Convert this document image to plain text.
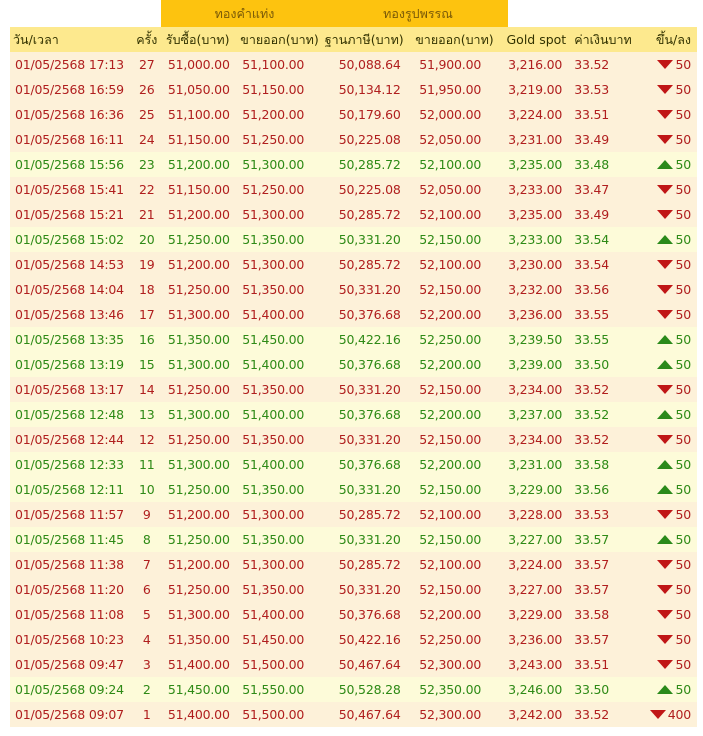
ทองคำแท่ง	ทองรูปพรรณ
วัน/เวลา	ครั้ง	รับซื้อ(บาท)	ขายออก(บาท)	ฐานภาษี(บาท)	ขายออก(บาท)	Gold spot	ค่าเงินบาท	ขึ้น/ลง
01/05/2568 17:13	27	51,000.00	51,100.00	50,088.64	51,900.00	3,216.00	33.52	50
01/05/2568 16:59	26	51,050.00	51,150.00	50,134.12	51,950.00	3,219.00	33.53	50
01/05/2568 16:36	25	51,100.00	51,200.00	50,179.60	52,000.00	3,224.00	33.51	50
01/05/2568 16:11	24	51,150.00	51,250.00	50,225.08	52,050.00	3,231.00	33.49	50
01/05/2568 15:56	23	51,200.00	51,300.00	50,285.72	52,100.00	3,235.00	33.48	50
01/05/2568 15:41	22	51,150.00	51,250.00	50,225.08	52,050.00	3,233.00	33.47	50
01/05/2568 15:21	21	51,200.00	51,300.00	50,285.72	52,100.00	3,235.00	33.49	50
01/05/2568 15:02	20	51,250.00	51,350.00	50,331.20	52,150.00	3,233.00	33.54	50
01/05/2568 14:53	19	51,200.00	51,300.00	50,285.72	52,100.00	3,230.00	33.54	50
01/05/2568 14:04	18	51,250.00	51,350.00	50,331.20	52,150.00	3,232.00	33.56	50
01/05/2568 13:46	17	51,300.00	51,400.00	50,376.68	52,200.00	3,236.00	33.55	50
01/05/2568 13:35	16	51,350.00	51,450.00	50,422.16	52,250.00	3,239.50	33.55	50
01/05/2568 13:19	15	51,300.00	51,400.00	50,376.68	52,200.00	3,239.00	33.50	50
01/05/2568 13:17	14	51,250.00	51,350.00	50,331.20	52,150.00	3,234.00	33.52	50
01/05/2568 12:48	13	51,300.00	51,400.00	50,376.68	52,200.00	3,237.00	33.52	50
01/05/2568 12:44	12	51,250.00	51,350.00	50,331.20	52,150.00	3,234.00	33.52	50
01/05/2568 12:33	11	51,300.00	51,400.00	50,376.68	52,200.00	3,231.00	33.58	50
01/05/2568 12:11	10	51,250.00	51,350.00	50,331.20	52,150.00	3,229.00	33.56	50
01/05/2568 11:57	9	51,200.00	51,300.00	50,285.72	52,100.00	3,228.00	33.53	50
01/05/2568 11:45	8	51,250.00	51,350.00	50,331.20	52,150.00	3,227.00	33.57	50
01/05/2568 11:38	7	51,200.00	51,300.00	50,285.72	52,100.00	3,224.00	33.57	50
01/05/2568 11:20	6	51,250.00	51,350.00	50,331.20	52,150.00	3,227.00	33.57	50
01/05/2568 11:08	5	51,300.00	51,400.00	50,376.68	52,200.00	3,229.00	33.58	50
01/05/2568 10:23	4	51,350.00	51,450.00	50,422.16	52,250.00	3,236.00	33.57	50
01/05/2568 09:47	3	51,400.00	51,500.00	50,467.64	52,300.00	3,243.00	33.51	50
01/05/2568 09:24	2	51,450.00	51,550.00	50,528.28	52,350.00	3,246.00	33.50	50
01/05/2568 09:07	1	51,400.00	51,500.00	50,467.64	52,300.00	3,242.00	33.52	400
